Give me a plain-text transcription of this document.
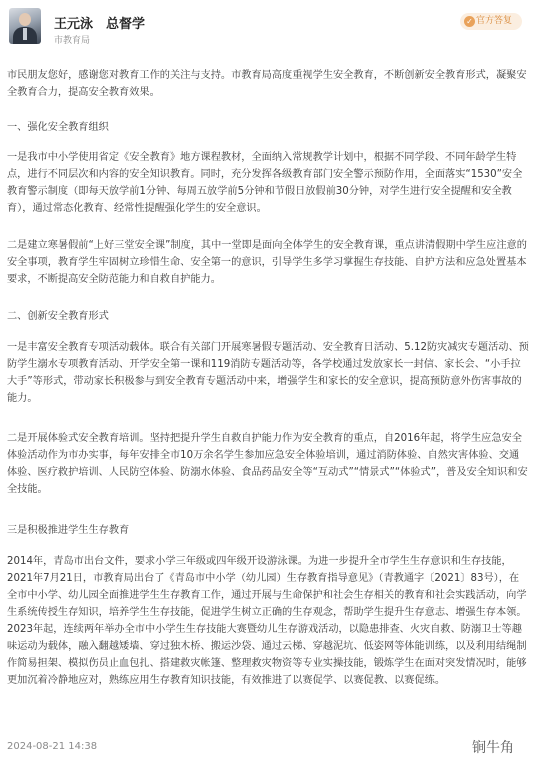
王元泳　总督学
市教育局
✓ 官方答复

市民朋友您好，感谢您对教育工作的关注与支持。市教育局高度重视学生安全教育，不断创新安全教育形式，凝聚安全教育合力，提高安全教育效果。

一、强化安全教育组织

一是我市中小学使用省定《安全教育》地方课程教材，全面纳入常规教学计划中，根据不同学段、不同年龄学生特点，进行不同层次和内容的安全知识教育。同时，充分发挥各级教育部门安全警示预防作用，全面落实“1530”安全教育警示制度（即每天放学前1分钟、每周五放学前5分钟和节假日放假前30分钟，对学生进行安全提醒和安全教育），通过常态化教育、经常性提醒强化学生的安全意识。

二是建立寒暑假前“上好三堂安全课”制度，其中一堂即是面向全体学生的安全教育课，重点讲清假期中学生应注意的安全事项，教育学生牢固树立珍惜生命、安全第一的意识，引导学生多学习掌握生存技能、自护方法和应急处置基本要求，不断提高安全防范能力和自救自护能力。

二、创新安全教育形式

一是丰富安全教育专项活动载体。联合有关部门开展寒暑假专题活动、安全教育日活动、5.12防灾减灾专题活动、预防学生溺水专项教育活动、开学安全第一课和119消防专题活动等，各学校通过发放家长一封信、家长会、“小手拉大手”等形式，带动家长积极参与到安全教育专题活动中来，增强学生和家长的安全意识，提高预防意外伤害事故的能力。

二是开展体验式安全教育培训。坚持把提升学生自救自护能力作为安全教育的重点，自2016年起，将学生应急安全体验活动作为市办实事，每年安排全市10万余名学生参加应急安全体验培训，通过消防体验、自然灾害体验、交通体验、医疗救护培训、人民防空体验、防溺水体验、食品药品安全等“互动式”“情景式”“体验式”，普及安全知识和安全技能。

三是积极推进学生生存教育

2014年，青岛市出台文件，要求小学三年级或四年级开设游泳课。为进一步提升全市学生生存意识和生存技能，2021年7月21日，市教育局出台了《青岛市中小学（幼儿园）生存教育指导意见》（青教通字〔2021〕83号），在全市中小学、幼儿园全面推进学生生存教育工作，通过开展与生命保护和社会生存相关的教育和社会实践活动，向学生系统传授生存知识，培养学生生存技能，促进学生树立正确的生存观念，帮助学生提升生存意志、增强生存本领。2023年起，连续两年举办全市中小学生生存技能大赛暨幼儿生存游戏活动，以隐患排查、火灾自救、防溺卫士等趣味运动为载体，融入翻越矮墙、穿过独木桥、搬运沙袋、通过云梯、穿越泥坑、低姿网等体能训练，以及利用结绳制作简易担架、模拟伤员止血包扎、搭建救灾帐篷、整理救灾物资等专业实操技能，锻炼学生在面对突发情况时，能够更加沉着冷静地应对，熟练应用生存教育知识技能，有效推进了以赛促学、以赛促教、以赛促练。

2024-08-21 14:38	锏牛角
